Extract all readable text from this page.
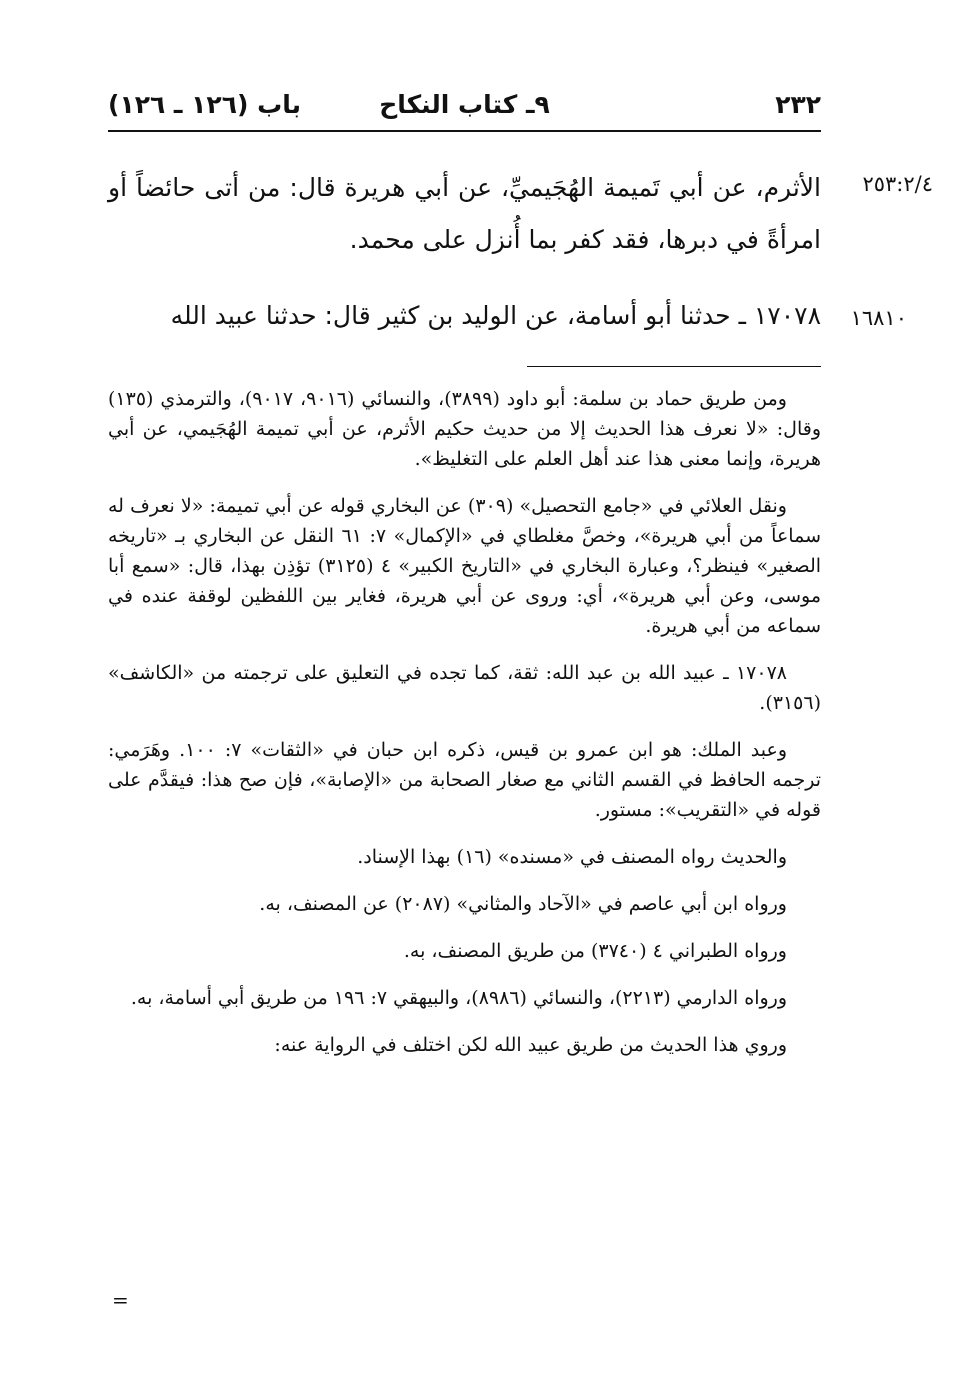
٢٣٢
٩ـ كتاب النكاح
باب (١٢٦ ـ ١٢٦)
٢٥٣:٢/٤
الأثرم، عن أبي تَميمة الهُجَيميِّ، عن أبي هريرة قال: من أتى حائضاً أو امرأةً في دبرها، فقد كفر بما أُنزل على محمد.
١٦٨١٠
١٧٠٧٨ ـ حدثنا أبو أسامة، عن الوليد بن كثير قال: حدثنا عبيد الله

ومن طريق حماد بن سلمة: أبو داود (٣٨٩٩)، والنسائي (٩٠١٦، ٩٠١٧)، والترمذي (١٣٥) وقال: «لا نعرف هذا الحديث إلا من حديث حكيم الأثرم، عن أبي تميمة الهُجَيمي، عن أبي هريرة، وإنما معنى هذا عند أهل العلم على التغليظ».

ونقل العلائي في «جامع التحصيل» (٣٠٩) عن البخاري قوله عن أبي تميمة: «لا نعرف له سماعاً من أبي هريرة»، وخصَّ مغلطاي في «الإكمال» ٧: ٦١ النقل عن البخاري بـ «تاريخه الصغير» فينظر؟، وعبارة البخاري في «التاريخ الكبير» ٤ (٣١٢٥) تؤذِن بهذا، قال: «سمع أبا موسى، وعن أبي هريرة»، أي: وروى عن أبي هريرة، فغاير بين اللفظين لوقفة عنده في سماعه من أبي هريرة.

١٧٠٧٨ ـ عبيد الله بن عبد الله: ثقة، كما تجده في التعليق على ترجمته من «الكاشف» (٣١٥٦).

وعبد الملك: هو ابن عمرو بن قيس، ذكره ابن حبان في «الثقات» ٧: ١٠٠. وهَرَمي: ترجمه الحافظ في القسم الثاني مع صغار الصحابة من «الإصابة»، فإن صح هذا: فيقدَّم على قوله في «التقريب»: مستور.

والحديث رواه المصنف في «مسنده» (١٦) بهذا الإسناد.

ورواه ابن أبي عاصم في «الآحاد والمثاني» (٢٠٨٧) عن المصنف، به.

ورواه الطبراني ٤ (٣٧٤٠) من طريق المصنف، به.

ورواه الدارمي (٢٢١٣)، والنسائي (٨٩٨٦)، والبيهقي ٧: ١٩٦ من طريق أبي أسامة، به.

وروي هذا الحديث من طريق عبيد الله لكن اختلف في الرواية عنه:

=
